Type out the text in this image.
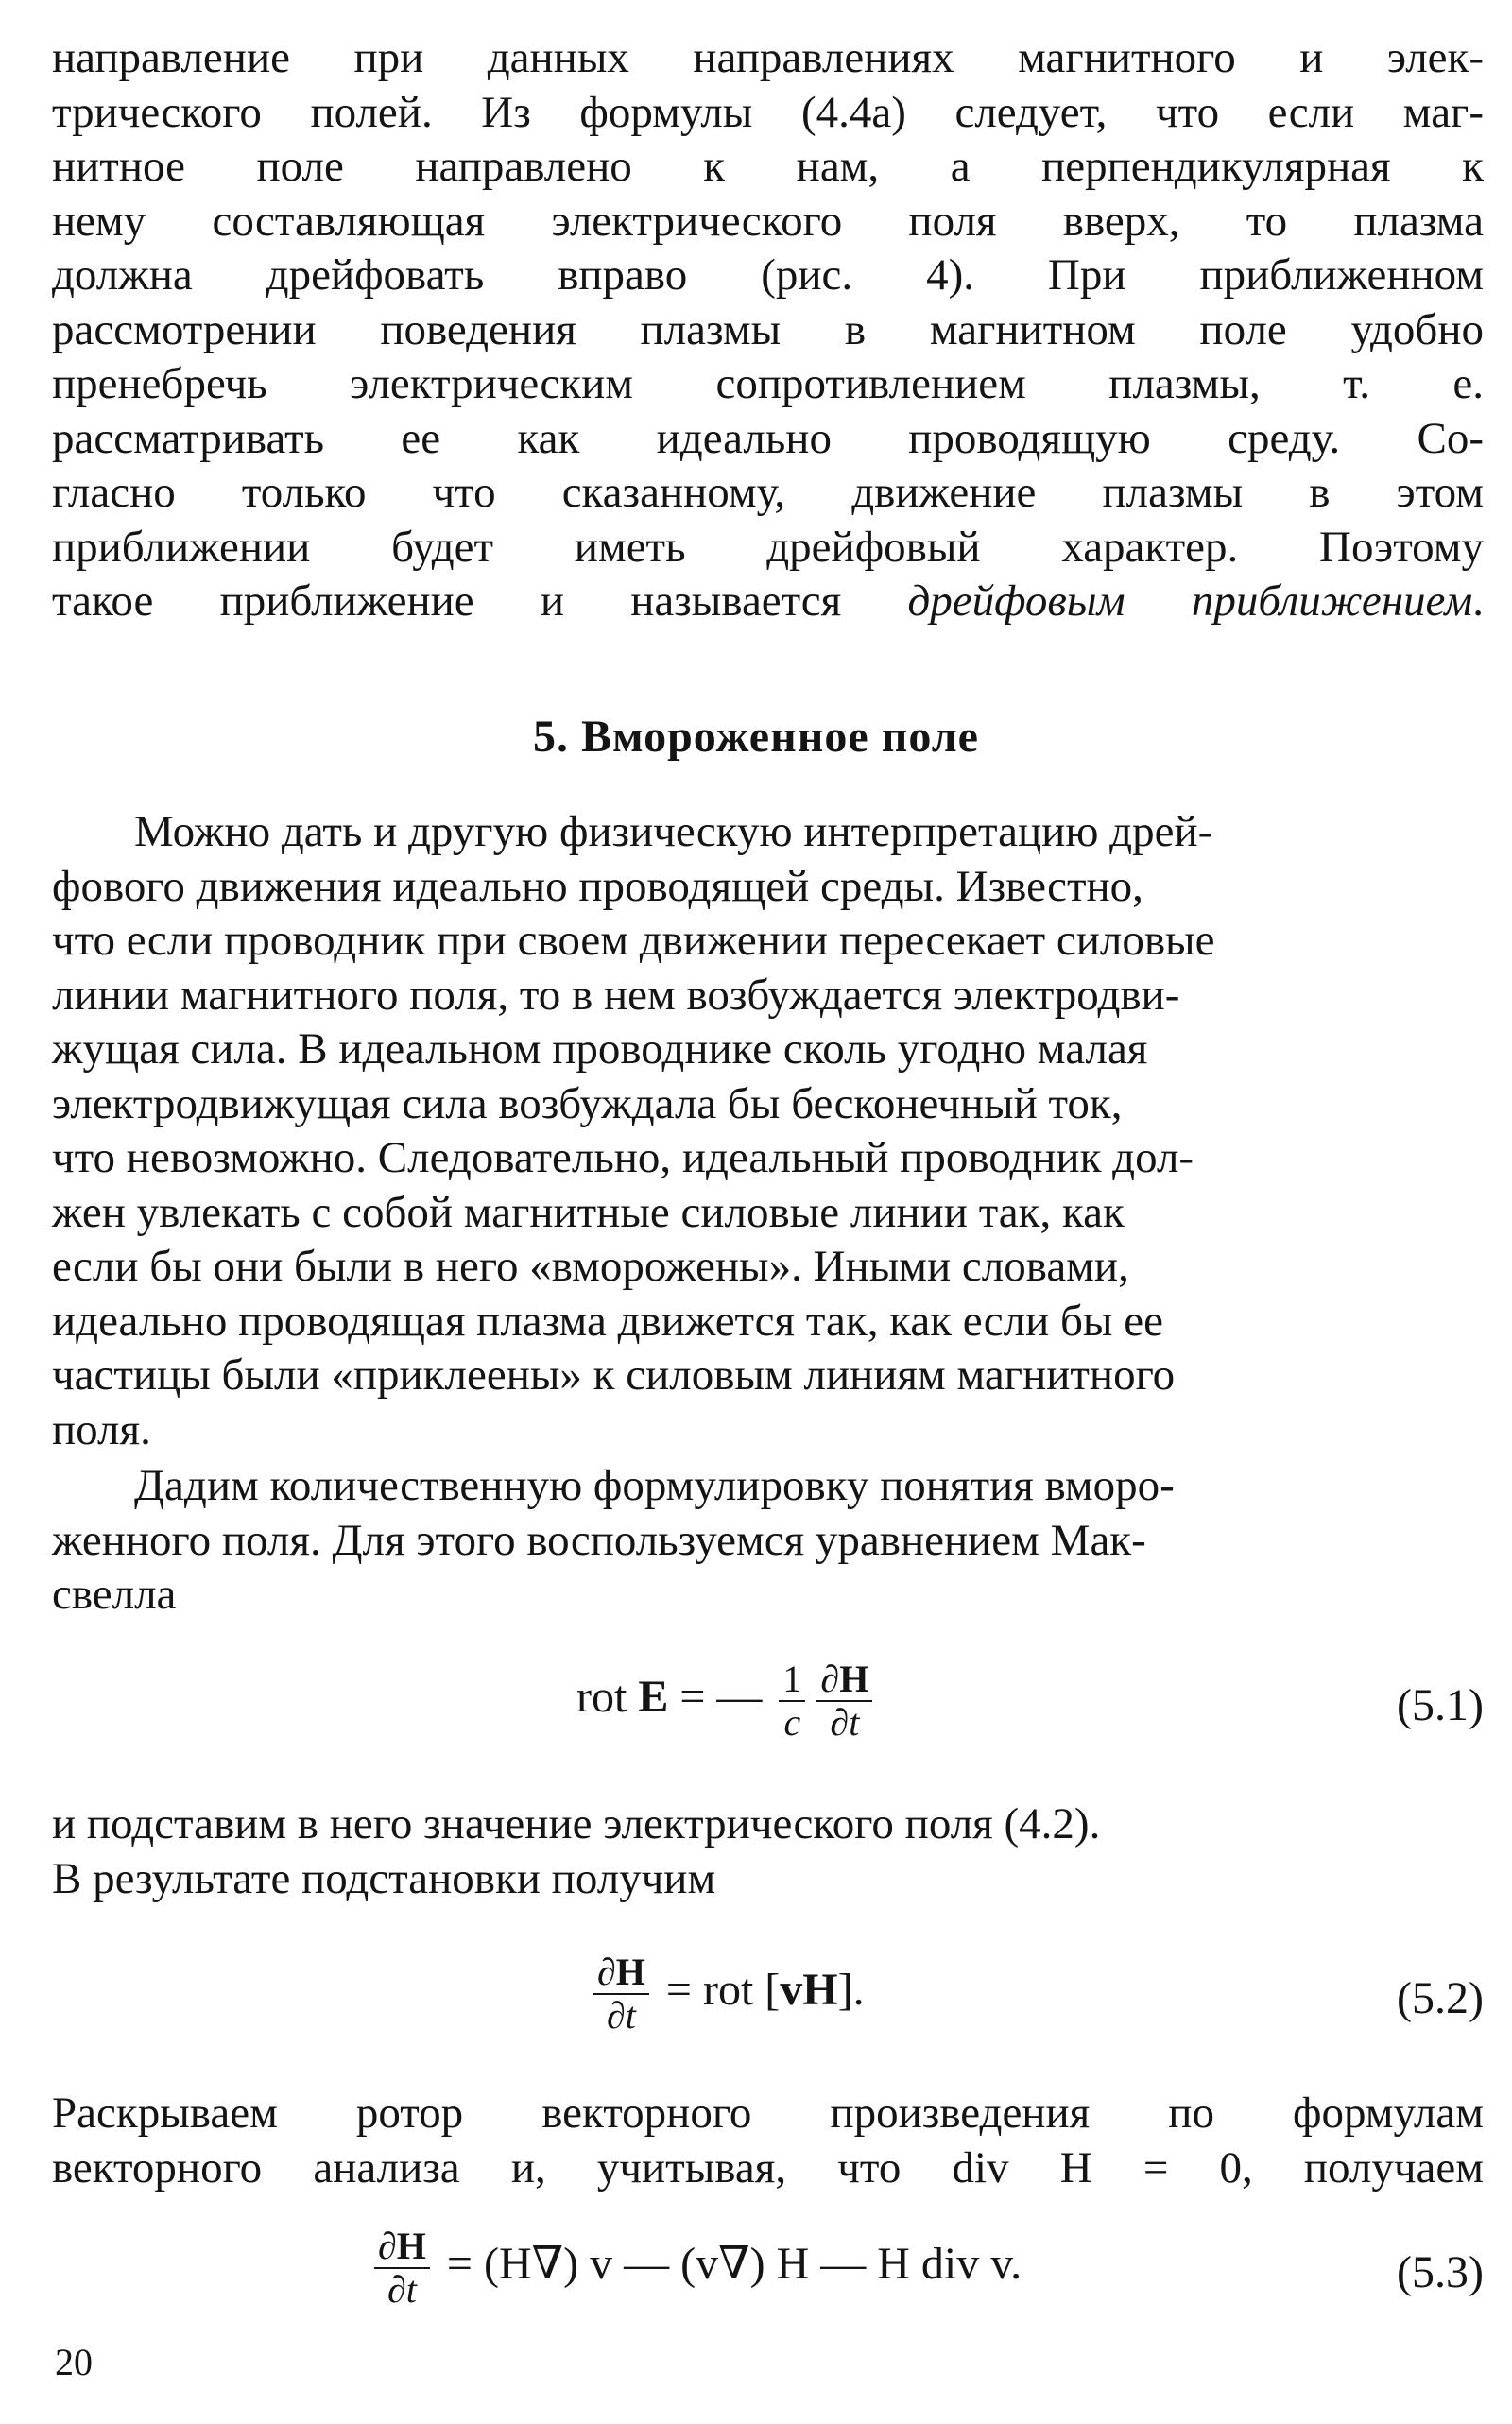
направление при данных направлениях магнитного и элек-
трического полей. Из формулы (4.4а) следует, что если маг-
нитное поле направлено к нам, а перпендикулярная к
нему составляющая электрического поля вверх, то плазма
должна дрейфовать вправо (рис. 4). При приближенном
рассмотрении поведения плазмы в магнитном поле удобно
пренебречь электрическим сопротивлением плазмы, т. е.
рассматривать ее как идеально проводящую среду. Со-
гласно только что сказанному, движение плазмы в этом
приближении будет иметь дрейфовый характер. Поэтому
такое приближение и называется дрейфовым приближением.
5. Вмороженное поле
Можно дать и другую физическую интерпретацию дрей-
фового движения идеально проводящей среды. Известно,
что если проводник при своем движении пересекает силовые
линии магнитного поля, то в нем возбуждается электродви-
жущая сила. В идеальном проводнике сколь угодно малая
электродвижущая сила возбуждала бы бесконечный ток,
что невозможно. Следовательно, идеальный проводник дол-
жен увлекать с собой магнитные силовые линии так, как
если бы они были в него «вморожены». Иными словами,
идеально проводящая плазма движется так, как если бы ее
частицы были «приклеены» к силовым линиям магнитного
поля.
Дадим количественную формулировку понятия вморо-
женного поля. Для этого воспользуемся уравнением Мак-
свелла
rot E = — $\frac{1}{c} \frac{\partial H}{\partial t}$	(5.1)
и подставим в него значение электрического поля (4.2).
В результате подстановки получим
$\frac{\partial H}{\partial t}$ = rot [vH].	(5.2)
Раскрываем ротор векторного произведения по формулам
векторного анализа и, учитывая, что div H = 0, получаем
$\frac{\partial H}{\partial t} = (H\nabla)$ v — (v∇) H — H div v.	(5.3)
20
